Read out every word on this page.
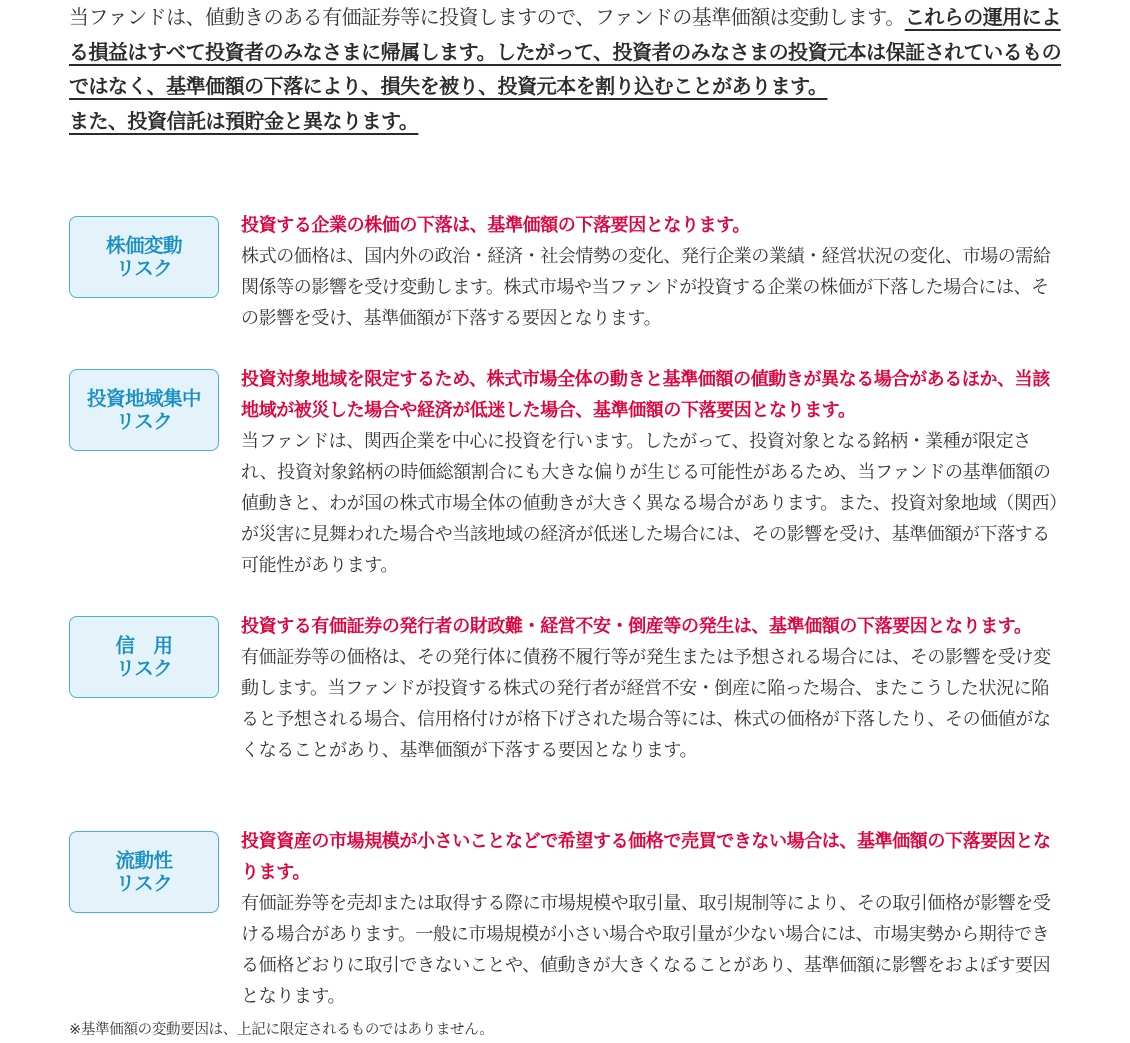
当ファンドは、値動きのある有価証券等に投資しますので、ファンドの基準価額は変動します。これらの運用による損益はすべて投資者のみなさまに帰属します。したがって、投資者のみなさまの投資元本は保証されているものではなく、基準価額の下落により、損失を被り、投資元本を割り込むことがあります。
また、投資信託は預貯金と異なります。
株価変動
リスク
投資する企業の株価の下落は、基準価額の下落要因となります。
株式の価格は、国内外の政治・経済・社会情勢の変化、発行企業の業績・経営状況の変化、市場の需給関係等の影響を受け変動します。株式市場や当ファンドが投資する企業の株価が下落した場合には、その影響を受け、基準価額が下落する要因となります。
投資地域集中
リスク
投資対象地域を限定するため、株式市場全体の動きと基準価額の値動きが異なる場合があるほか、当該地域が被災した場合や経済が低迷した場合、基準価額の下落要因となります。
当ファンドは、関西企業を中心に投資を行います。したがって、投資対象となる銘柄・業種が限定され、投資対象銘柄の時価総額割合にも大きな偏りが生じる可能性があるため、当ファンドの基準価額の値動きと、わが国の株式市場全体の値動きが大きく異なる場合があります。また、投資対象地域（関西）が災害に見舞われた場合や当該地域の経済が低迷した場合には、その影響を受け、基準価額が下落する可能性があります。
信　用
リスク
投資する有価証券の発行者の財政難・経営不安・倒産等の発生は、基準価額の下落要因となります。
有価証券等の価格は、その発行体に債務不履行等が発生または予想される場合には、その影響を受け変動します。当ファンドが投資する株式の発行者が経営不安・倒産に陥った場合、またこうした状況に陥ると予想される場合、信用格付けが格下げされた場合等には、株式の価格が下落したり、その価値がなくなることがあり、基準価額が下落する要因となります。
流動性
リスク
投資資産の市場規模が小さいことなどで希望する価格で売買できない場合は、基準価額の下落要因となります。
有価証券等を売却または取得する際に市場規模や取引量、取引規制等により、その取引価格が影響を受ける場合があります。一般に市場規模が小さい場合や取引量が少ない場合には、市場実勢から期待できる価格どおりに取引できないことや、値動きが大きくなることがあり、基準価額に影響をおよぼす要因となります。
※基準価額の変動要因は、上記に限定されるものではありません。
